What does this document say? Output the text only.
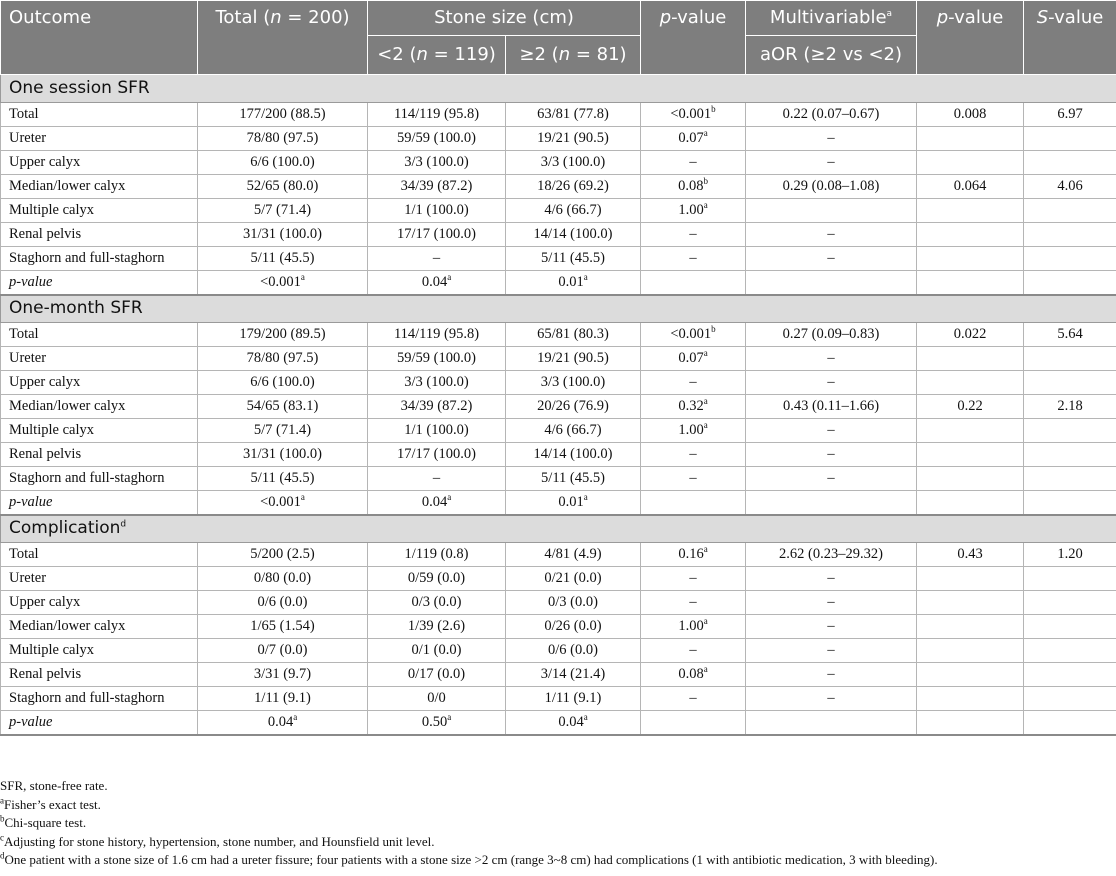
Outcome	Total (n = 200)	Stone size (cm)		p-value	Multivariable$^a$	p-value	S-value
		<2 (n = 119)	≥2 (n = 81)		aOR (≥2 vs <2)		
One session SFR							
Total	177/200 (88.5)	114/119 (95.8)	63/81 (77.8)	<0.001$^b$	0.22 (0.07–0.67)	0.008	6.97
Ureter	78/80 (97.5)	59/59 (100.0)	19/21 (90.5)	0.07$^a$	–		
Upper calyx	6/6 (100.0)	3/3 (100.0)	3/3 (100.0)	–	–		
Median/lower calyx	52/65 (80.0)	34/39 (87.2)	18/26 (69.2)	0.08$^b$	0.29 (0.08–1.08)	0.064	4.06
Multiple calyx	5/7 (71.4)	1/1 (100.0)	4/6 (66.7)	1.00$^a$			
Renal pelvis	31/31 (100.0)	17/17 (100.0)	14/14 (100.0)	–	–		
Staghorn and full-staghorn	5/11 (45.5)	–	5/11 (45.5)	–	–		
p-value	<0.001$^a$	0.04$^a$	0.01$^a$				
One-month SFR							
Total	179/200 (89.5)	114/119 (95.8)	65/81 (80.3)	<0.001$^b$	0.27 (0.09–0.83)	0.022	5.64
Ureter	78/80 (97.5)	59/59 (100.0)	19/21 (90.5)	0.07$^a$	–		
Upper calyx	6/6 (100.0)	3/3 (100.0)	3/3 (100.0)	–	–		
Median/lower calyx	54/65 (83.1)	34/39 (87.2)	20/26 (76.9)	0.32$^a$	0.43 (0.11–1.66)	0.22	2.18
Multiple calyx	5/7 (71.4)	1/1 (100.0)	4/6 (66.7)	1.00$^a$	–		
Renal pelvis	31/31 (100.0)	17/17 (100.0)	14/14 (100.0)	–	–		
Staghorn and full-staghorn	5/11 (45.5)	–	5/11 (45.5)	–	–		
p-value	<0.001$^a$	0.04$^a$	0.01$^a$				
Complication$^d$
Total	5/200 (2.5)	1/119 (0.8)	4/81 (4.9)	0.16$^a$	2.62 (0.23–29.32)	0.43	1.20
Ureter	0/80 (0.0)	0/59 (0.0)	0/21 (0.0)	–	–		
Upper calyx	0/6 (0.0)	0/3 (0.0)	0/3 (0.0)	–	–		
Median/lower calyx	1/65 (1.54)	1/39 (2.6)	0/26 (0.0)	1.00$^a$	–		
Multiple calyx	0/7 (0.0)	0/1 (0.0)	0/6 (0.0)	–	–		
Renal pelvis	3/31 (9.7)	0/17 (0.0)	3/14 (21.4)	0.08$^a$	–		
Staghorn and full-staghorn	1/11 (9.1)	0/0	1/11 (9.1)	–	–		
p-value	0.04$^a$	0.50$^a$	0.04$^a$				
SFR, stone-free rate.
$^a$Fisher’s exact test.
$^b$Chi-square test.
$^c$Adjusting for stone history, hypertension, stone number, and Hounsfield unit level.
$^d$One patient with a stone size of 1.6 cm had a ureter fissure; four patients with a stone size >2 cm (range 3~8 cm) had complications (1 with antibiotic medication, 3 with bleeding).
